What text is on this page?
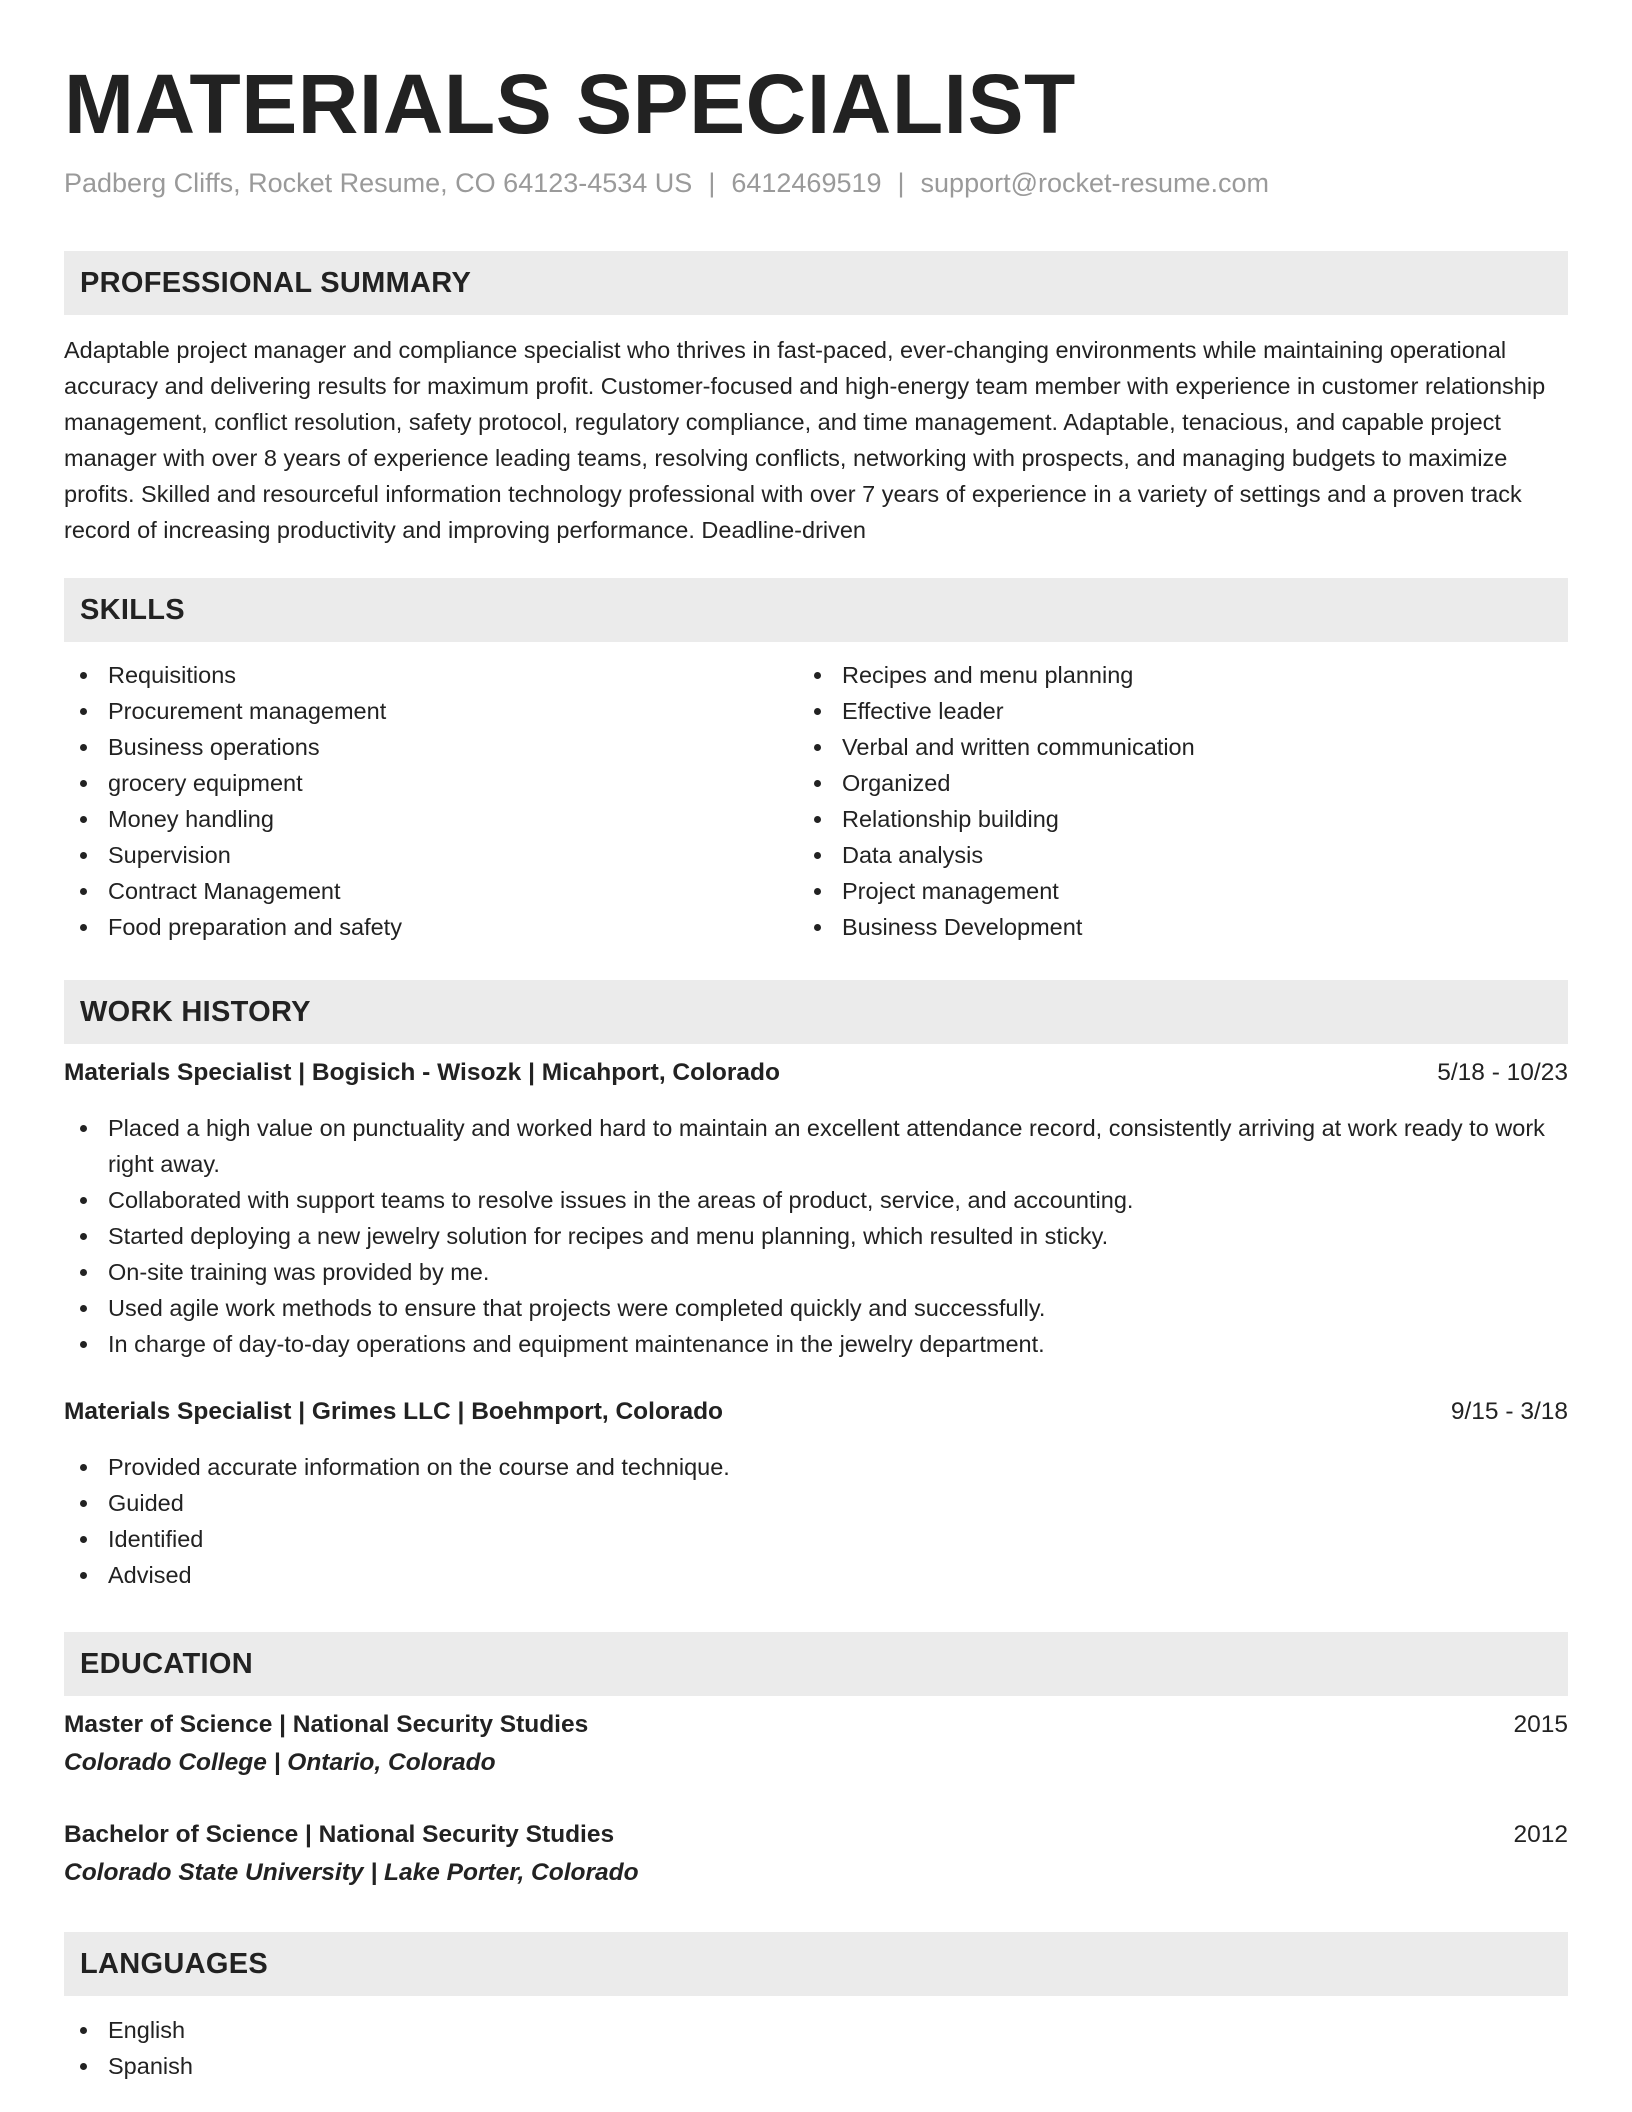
MATERIALS SPECIALIST
Padberg Cliffs, Rocket Resume, CO 64123-4534 US | 6412469519 | support@rocket-resume.com
PROFESSIONAL SUMMARY

Adaptable project manager and compliance specialist who thrives in fast-paced, ever-changing environments while maintaining operational accuracy and delivering results for maximum profit. Customer-focused and high-energy team member with experience in customer relationship management, conflict resolution, safety protocol, regulatory compliance, and time management. Adaptable, tenacious, and capable project manager with over 8 years of experience leading teams, resolving conflicts, networking with prospects, and managing budgets to maximize profits. Skilled and resourceful information technology professional with over 7 years of experience in a variety of settings and a proven track record of increasing productivity and improving performance. Deadline-driven

SKILLS
Requisitions
Procurement management
Business operations
grocery equipment
Money handling
Supervision
Contract Management
Food preparation and safety
Recipes and menu planning
Effective leader
Verbal and written communication
Organized
Relationship building
Data analysis
Project management
Business Development
WORK HISTORY
Materials Specialist | Bogisich - Wisozk | Micahport, Colorado	5/18 - 10/23
Placed a high value on punctuality and worked hard to maintain an excellent attendance record, consistently arriving at work ready to work right away.
Collaborated with support teams to resolve issues in the areas of product, service, and accounting.
Started deploying a new jewelry solution for recipes and menu planning, which resulted in sticky.
On-site training was provided by me.
Used agile work methods to ensure that projects were completed quickly and successfully.
In charge of day-to-day operations and equipment maintenance in the jewelry department.
Materials Specialist | Grimes LLC | Boehmport, Colorado	9/15 - 3/18
Provided accurate information on the course and technique.
Guided
Identified
Advised
EDUCATION
Master of Science | National Security Studies	2015
Colorado College | Ontario, Colorado
Bachelor of Science | National Security Studies	2012
Colorado State University | Lake Porter, Colorado
LANGUAGES
English
Spanish
